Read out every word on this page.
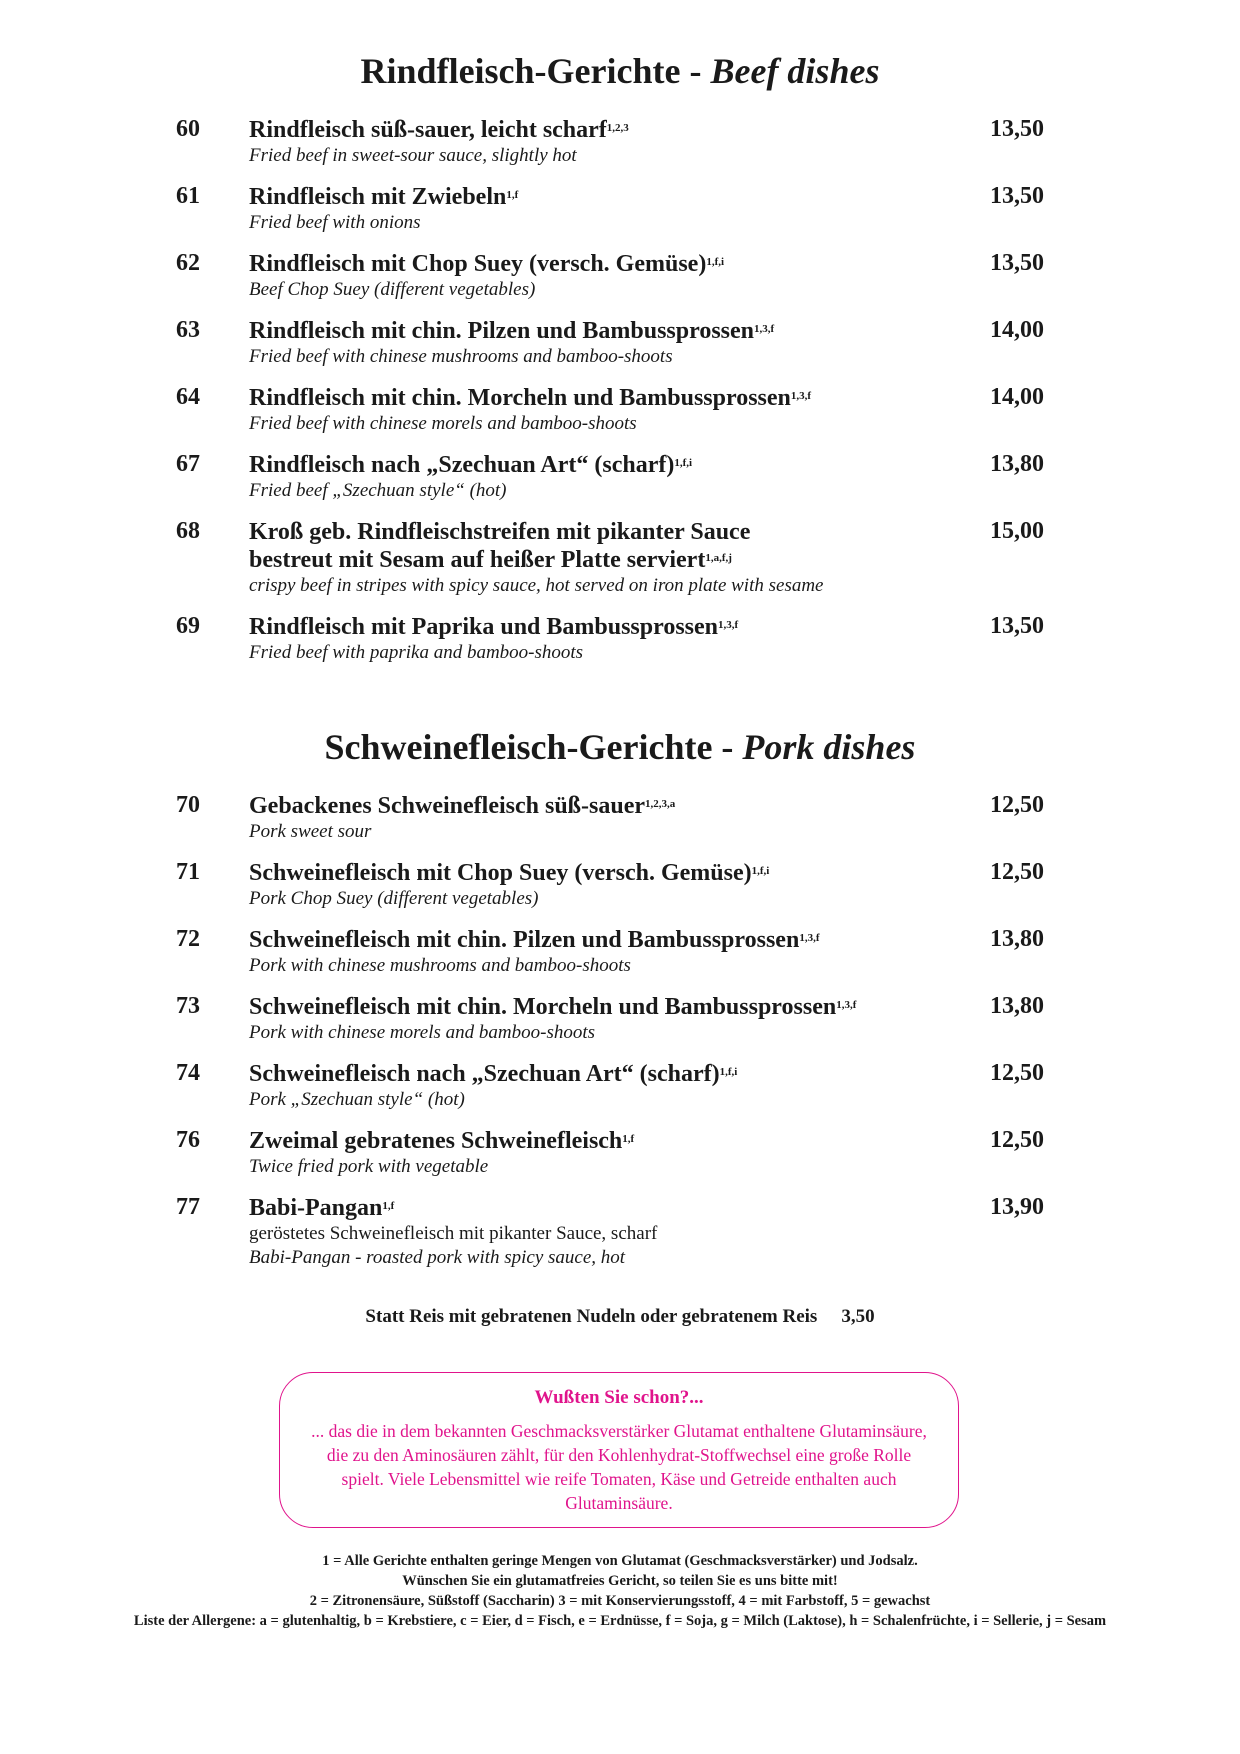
Rindfleisch-Gerichte - Beef dishes
60 Rindfleisch süß-sauer, leicht scharf$^{1,2,3}$
Fried beef in sweet-sour sauce, slightly hot
13,50
61 Rindfleisch mit Zwiebeln$^{1,f}$
Fried beef with onions
13,50
62 Rindfleisch mit Chop Suey (versch. Gemüse)$^{1,f,i}$
Beef Chop Suey (different vegetables)
13,50
63 Rindfleisch mit chin. Pilzen und Bambussprossen$^{1,3,f}$
Fried beef with chinese mushrooms and bamboo-shoots
14,00
64 Rindfleisch mit chin. Morcheln und Bambussprossen$^{1,3,f}$
Fried beef with chinese morels and bamboo-shoots
14,00
67 Rindfleisch nach „Szechuan Art“ (scharf)$^{1,f,i}$
Fried beef „Szechuan style“ (hot)
13,80
68 Kroß geb. Rindfleischstreifen mit pikanter Sauce
bestreut mit Sesam auf heißer Platte serviert$^{1,a,f,j}$
crispy beef in stripes with spicy sauce, hot served on iron plate with sesame
15,00
69 Rindfleisch mit Paprika und Bambussprossen$^{1,3,f}$
Fried beef with paprika and bamboo-shoots
13,50
Schweinefleisch-Gerichte - Pork dishes
70 Gebackenes Schweinefleisch süß-sauer$^{1,2,3,a}$
Pork sweet sour
12,50
71 Schweinefleisch mit Chop Suey (versch. Gemüse)$^{1,f,i}$
Pork Chop Suey (different vegetables)
12,50
72 Schweinefleisch mit chin. Pilzen und Bambussprossen$^{1,3,f}$
Pork with chinese mushrooms and bamboo-shoots
13,80
73 Schweinefleisch mit chin. Morcheln und Bambussprossen$^{1,3,f}$
Pork with chinese morels and bamboo-shoots
13,80
74 Schweinefleisch nach „Szechuan Art“ (scharf)$^{1,f,i}$
Pork „Szechuan style“ (hot)
12,50
76 Zweimal gebratenes Schweinefleisch$^{1,f}$
Twice fried pork with vegetable
12,50
77 Babi-Pangan$^{1,f}$
geröstetes Schweinefleisch mit pikanter Sauce, scharf
Babi-Pangan - roasted pork with spicy sauce, hot
13,90
Statt Reis mit gebratenen Nudeln oder gebratenem Reis 3,50
Wußten Sie schon?...
... das die in dem bekannten Geschmacksverstärker Glutamat enthaltene Glutaminsäure, die zu den Aminosäuren zählt, für den Kohlenhydrat-Stoffwechsel eine große Rolle spielt. Viele Lebensmittel wie reife Tomaten, Käse und Getreide enthalten auch Glutaminsäure.
1 = Alle Gerichte enthalten geringe Mengen von Glutamat (Geschmacksverstärker) und Jodsalz.
Wünschen Sie ein glutamatfreies Gericht, so teilen Sie es uns bitte mit!
2 = Zitronensäure, Süßstoff (Saccharin) 3 = mit Konservierungsstoff, 4 = mit Farbstoff, 5 = gewachst
Liste der Allergene: a = glutenhaltig, b = Krebstiere, c = Eier, d = Fisch, e = Erdnüsse, f = Soja, g = Milch (Laktose), h = Schalenfrüchte, i = Sellerie, j = Sesam
